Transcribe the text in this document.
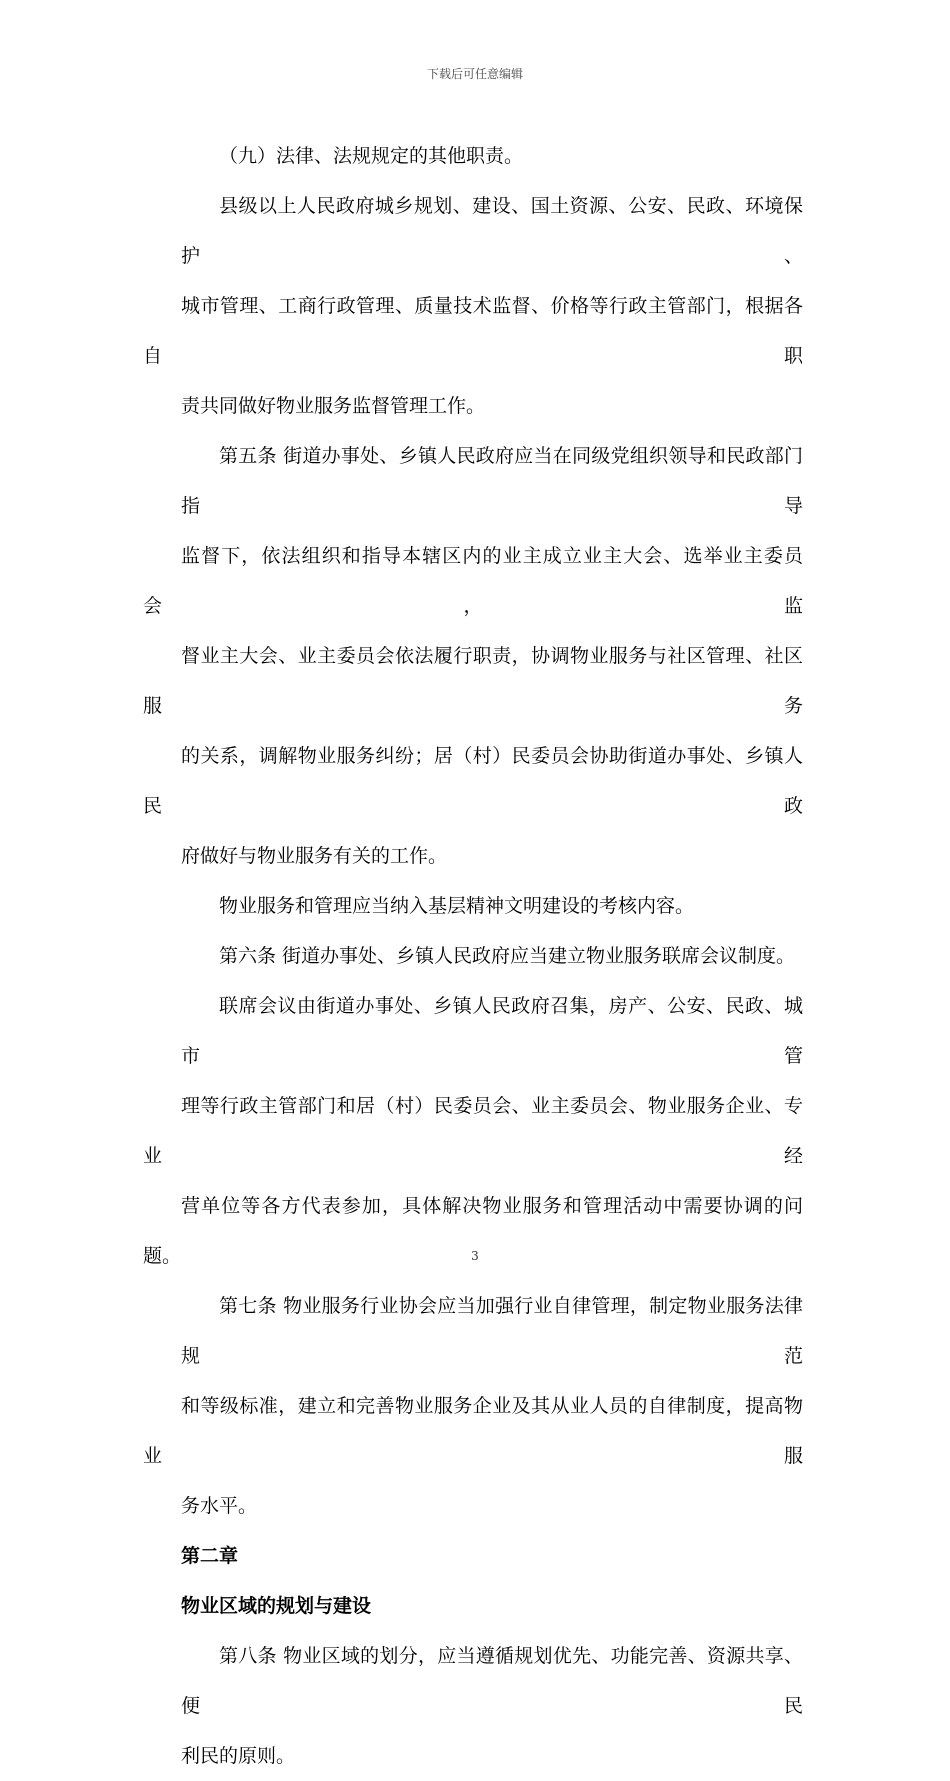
下载后可任意编辑

（九）法律、法规规定的其他职责。

县级以上人民政府城乡规划、建设、国土资源、公安、民政、环境保护、
城市管理、工商行政管理、质量技术监督、价格等行政主管部门，根据各自职
责共同做好物业服务监督管理工作。

第五条 街道办事处、乡镇人民政府应当在同级党组织领导和民政部门指导
监督下，依法组织和指导本辖区内的业主成立业主大会、选举业主委员会，监
督业主大会、业主委员会依法履行职责，协调物业服务与社区管理、社区服务
的关系，调解物业服务纠纷；居（村）民委员会协助街道办事处、乡镇人民政
府做好与物业服务有关的工作。

物业服务和管理应当纳入基层精神文明建设的考核内容。

第六条 街道办事处、乡镇人民政府应当建立物业服务联席会议制度。

联席会议由街道办事处、乡镇人民政府召集，房产、公安、民政、城市管
理等行政主管部门和居（村）民委员会、业主委员会、物业服务企业、专业经
营单位等各方代表参加，具体解决物业服务和管理活动中需要协调的问题。

第七条 物业服务行业协会应当加强行业自律管理，制定物业服务法律规范
和等级标准，建立和完善物业服务企业及其从业人员的自律制度，提高物业服
务水平。

第二章

物业区域的规划与建设

第八条 物业区域的划分，应当遵循规划优先、功能完善、资源共享、便民
利民的原则。

3
